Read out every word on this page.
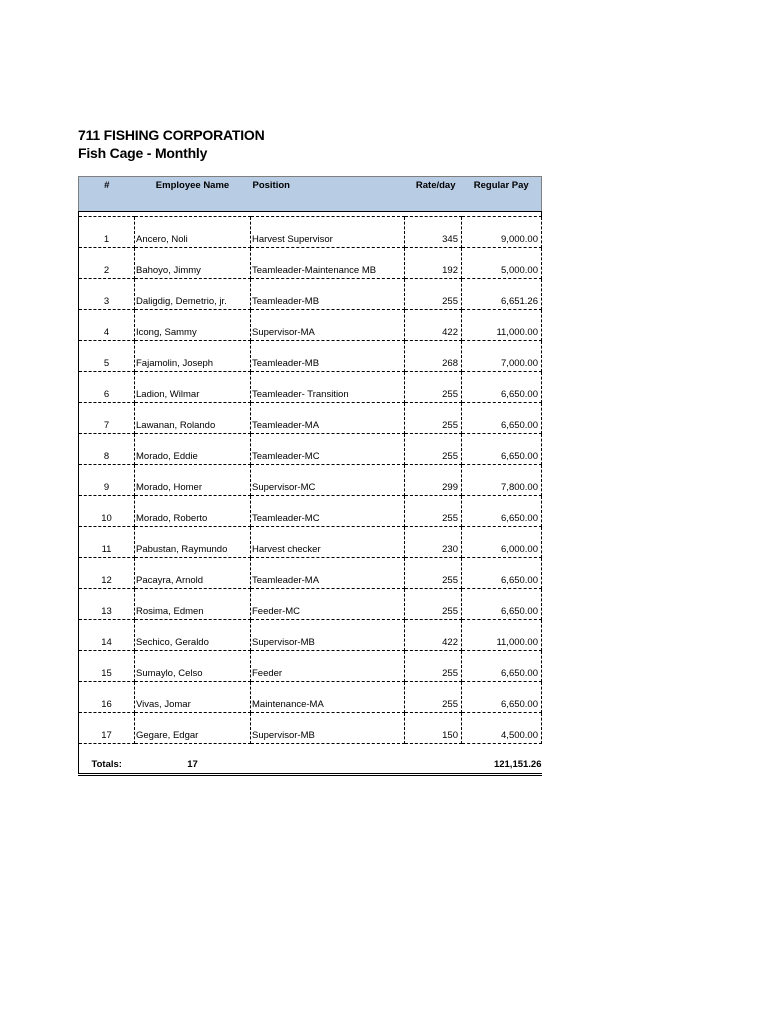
711 FISHING CORPORATION
Fish Cage - Monthly
#	Employee Name	Position	Rate/day	Regular Pay

1	Ancero, Noli	Harvest Supervisor	345	9,000.00
2	Bahoyo, Jimmy	Teamleader-Maintenance MB	192	5,000.00
3	Daligdig, Demetrio, jr.	Teamleader-MB	255	6,651.26
4	Icong, Sammy	Supervisor-MA	422	11,000.00
5	Fajamolin, Joseph	Teamleader-MB	268	7,000.00
6	Ladion, Wilmar	Teamleader- Transition	255	6,650.00
7	Lawanan, Rolando	Teamleader-MA	255	6,650.00
8	Morado, Eddie	Teamleader-MC	255	6,650.00
9	Morado, Homer	Supervisor-MC	299	7,800.00
10	Morado, Roberto	Teamleader-MC	255	6,650.00
11	Pabustan, Raymundo	Harvest checker	230	6,000.00
12	Pacayra, Arnold	Teamleader-MA	255	6,650.00
13	Rosima, Edmen	Feeder-MC	255	6,650.00
14	Sechico, Geraldo	Supervisor-MB	422	11,000.00
15	Sumaylo, Celso	Feeder	255	6,650.00
16	Vivas, Jomar	Maintenance-MA	255	6,650.00
17	Gegare, Edgar	Supervisor-MB	150	4,500.00
Totals:	17			121,151.26
